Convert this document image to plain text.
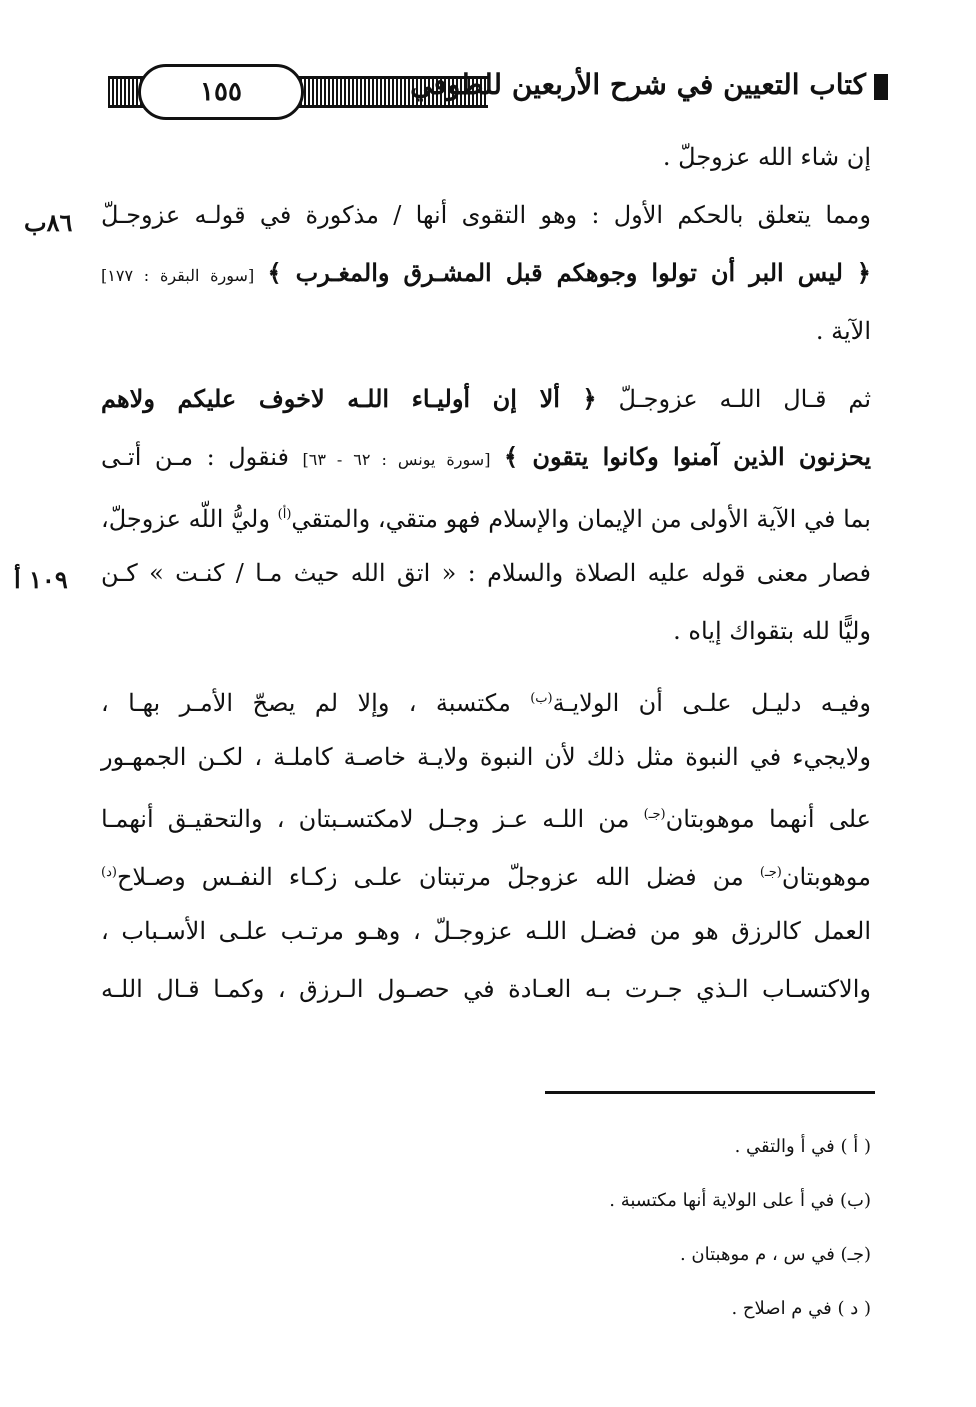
١٥٥	كتاب التعيين في شرح الأربعين للطوفي
٨٦ب
١٠٩ أ
إن شاء الله عزوجلّ .
ومما يتعلق بالحكم الأول : وهو التقوى أنها / مذكورة في قولـه عزوجـلّ
﴿ ليس البر أن تولوا وجوهكم قبل المشـرق والمغـرب ﴾ [سورة البقرة : ١٧٧]
الآية .
ثم قـال اللـه عزوجـلّ ﴿ ألا إن أوليـاء اللـه لاخوف عليكم ولاهم
يحزنون الذين آمنوا وكانوا يتقون ﴾ [سورة يونس : ٦٢ - ٦٣] فنقول : مـن أتـى
بما في الآية الأولى من الإيمان والإسلام فهو متقي، والمتقي$^{(أ)}$ وليُّ اللّه عزوجلّ،
فصار معنى قوله عليه الصلاة والسلام : « اتق الله حيث مـا / كنـت » كـن
وليًّا لله بتقواك إياه .
وفيـه دليـل علـى أن الولايـة$^{(ب)}$ مكتسبة ، وإلا لم يصحّ الأمـر بهـا ،
ولايجيء في النبوة مثل ذلك لأن النبوة ولايـة خاصـة كاملـة ، لكـن الجمهـور
على أنهما موهوبتان$^{(جـ)}$ من اللـه عـز وجـل لامكتسـبتان ، والتحقيـق أنهمـا
موهوبتان$^{(جـ)}$ من فضل الله عزوجلّ مرتبتان علـى زكـاء النفـس وصـلاح$^{(د)}$
العمل كالرزق هو من فضـل اللـه عزوجـلّ ، وهـو مرتـب علـى الأسـباب ،
والاكتسـاب الـذي جـرت بـه العـادة في حصـول الـرزق ، وكمـا قـال اللـه
( أ ) في أ والتقي .
(ب) في أ على الولاية أنها مكتسبة .
(جـ) في س ، م موهبتان .
( د ) في م اصلاح .
